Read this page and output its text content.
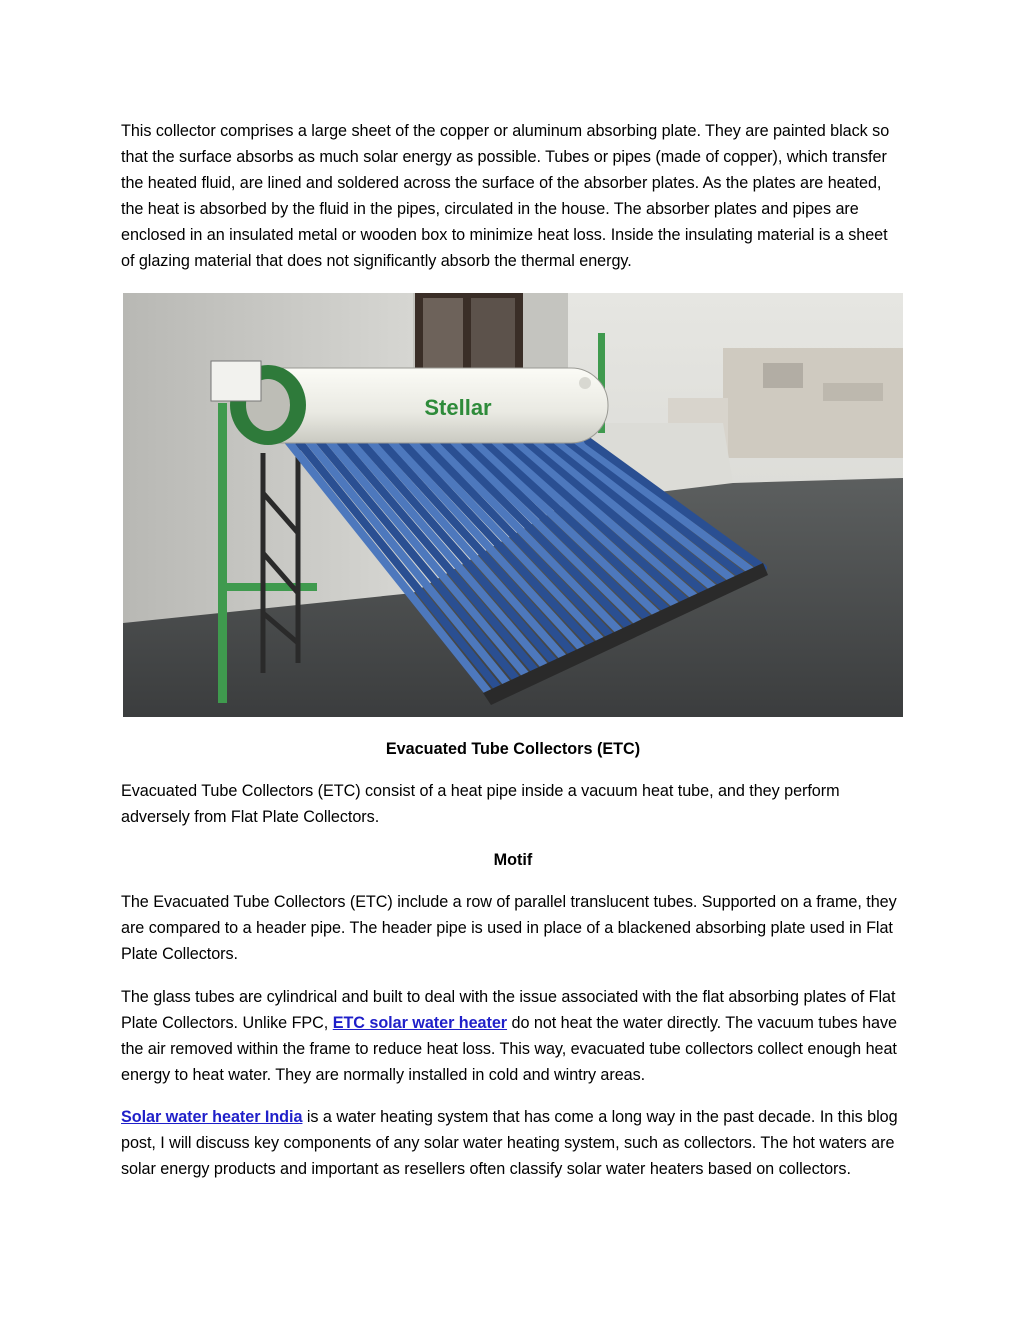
This collector comprises a large sheet of the copper or aluminum absorbing plate. They are painted black so that the surface absorbs as much solar energy as possible. Tubes or pipes (made of copper), which transfer the heated fluid, are lined and soldered across the surface of the absorber plates. As the plates are heated, the heat is absorbed by the fluid in the pipes, circulated in the house. The absorber plates and pipes are enclosed in an insulated metal or wooden box to minimize heat loss. Inside the insulating material is a sheet of glazing material that does not significantly absorb the thermal energy.

Stellar

Evacuated Tube Collectors (ETC)

Evacuated Tube Collectors (ETC) consist of a heat pipe inside a vacuum heat tube, and they perform adversely from Flat Plate Collectors.

Motif

The Evacuated Tube Collectors (ETC) include a row of parallel translucent tubes. Supported on a frame, they are compared to a header pipe. The header pipe is used in place of a blackened absorbing plate used in Flat Plate Collectors.

The glass tubes are cylindrical and built to deal with the issue associated with the flat absorbing plates of Flat Plate Collectors. Unlike FPC, ETC solar water heater do not heat the water directly. The vacuum tubes have the air removed within the frame to reduce heat loss. This way, evacuated tube collectors collect enough heat energy to heat water. They are normally installed in cold and wintry areas.

Solar water heater India is a water heating system that has come a long way in the past decade. In this blog post, I will discuss key components of any solar water heating system, such as collectors. The hot waters are solar energy products and important as resellers often classify solar water heaters based on collectors.
